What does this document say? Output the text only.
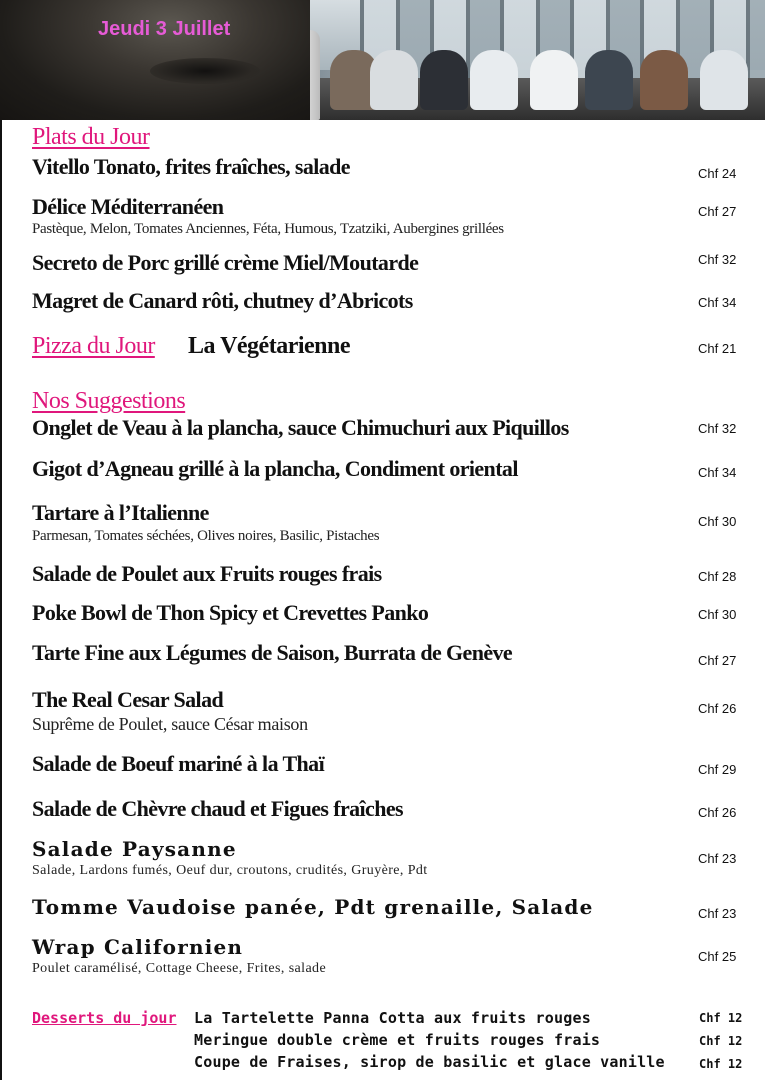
Jeudi 3 Juillet
Plats du Jour
Vitello Tonato, frites fraîches, salade	Chf 24
Délice Méditerranéen
Pastèque, Melon, Tomates Anciennes, Féta, Humous, Tzatziki, Aubergines grillées
Chf 27
Secreto de Porc grillé crème Miel/Moutarde	Chf 32
Magret de Canard rôti, chutney d’Abricots	Chf 34
Pizza du Jour La Végétarienne	Chf 21
Nos Suggestions
Onglet de Veau à la plancha, sauce Chimuchuri aux Piquillos	Chf 32
Gigot d’Agneau grillé à la plancha, Condiment oriental	Chf 34
Tartare à l’Italienne
Parmesan, Tomates séchées, Olives noires, Basilic, Pistaches
Chf 30
Salade de Poulet aux Fruits rouges frais	Chf 28
Poke Bowl de Thon Spicy et Crevettes Panko	Chf 30
Tarte Fine aux Légumes de Saison, Burrata de Genève	Chf 27
The Real Cesar Salad
Suprême de Poulet, sauce César maison
Chf 26
Salade de Boeuf mariné à la Thaï	Chf 29
Salade de Chèvre chaud et Figues fraîches	Chf 26
Salade Paysanne
Salade, Lardons fumés, Oeuf dur, croutons, crudités, Gruyère, Pdt
Chf 23
Tomme Vaudoise panée, Pdt grenaille, Salade	Chf 23
Wrap Californien
Poulet caramélisé, Cottage Cheese, Frites, salade
Chf 25
Desserts du jour La Tartelette Panna Cotta aux fruits rouges	Chf 12
Meringue double crème et fruits rouges frais	Chf 12
Coupe de Fraises, sirop de basilic et glace vanille	Chf 12
